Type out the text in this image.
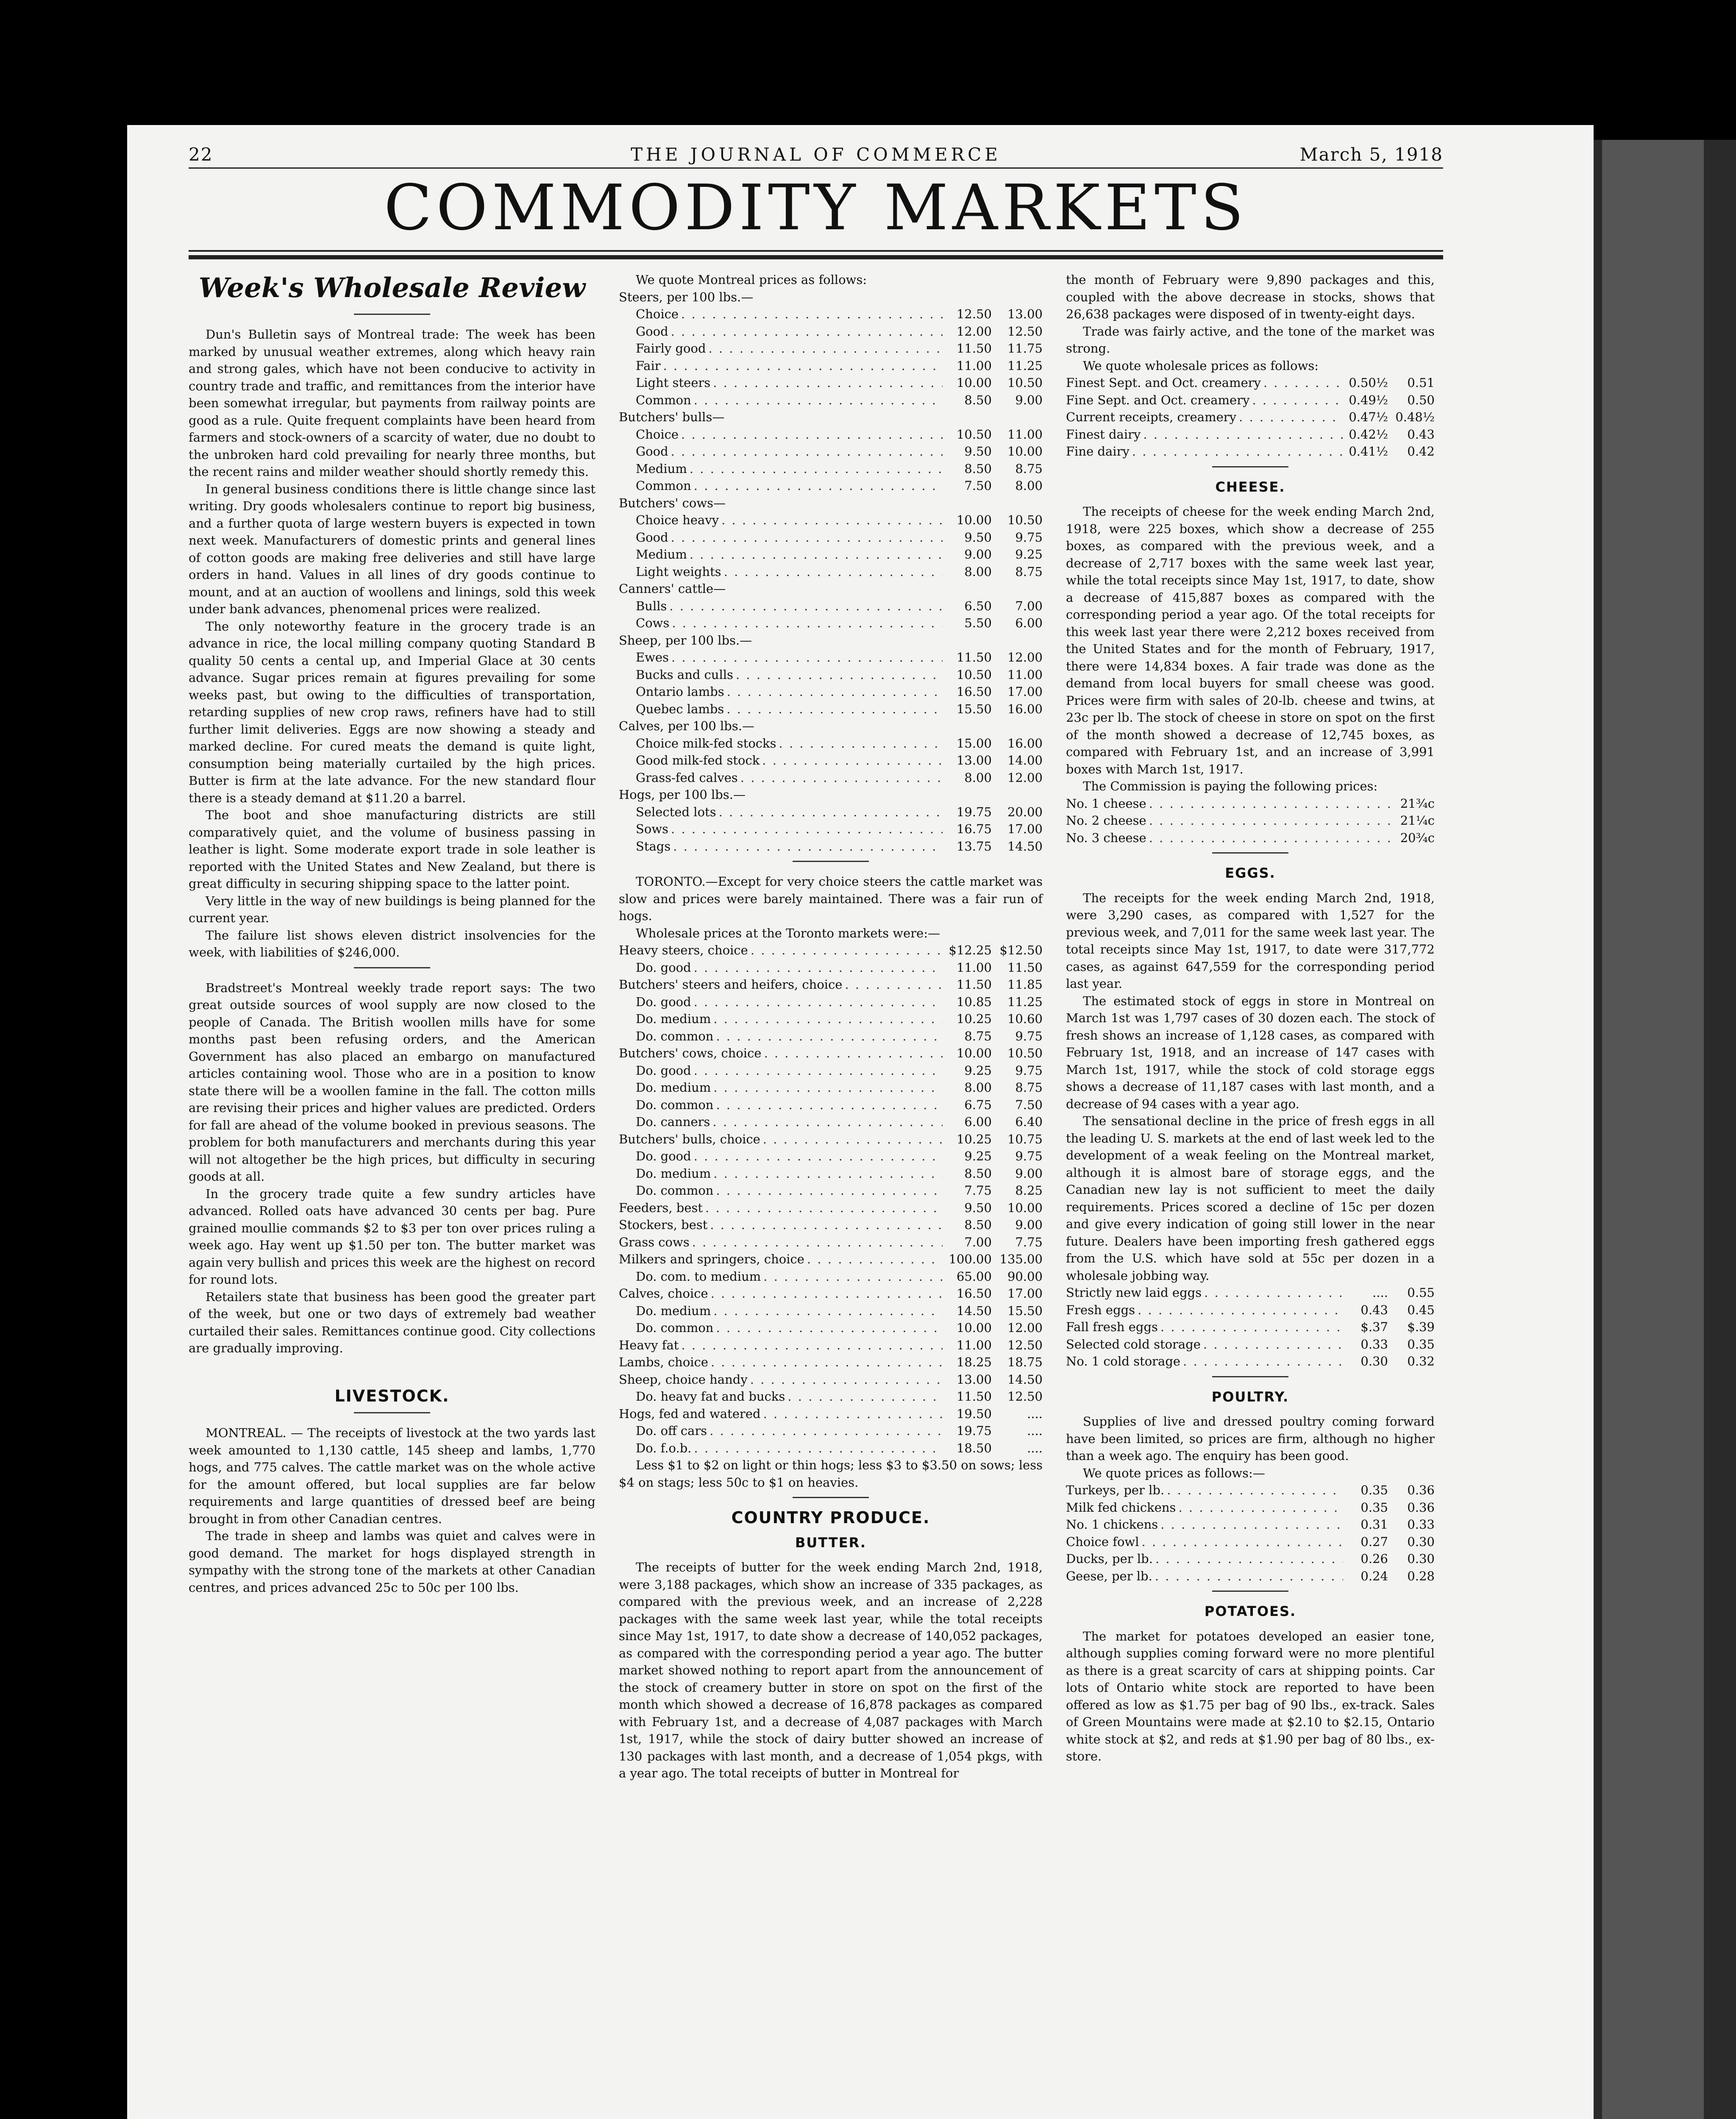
22	THE JOURNAL OF COMMERCE	March 5, 1918
COMMODITY MARKETS
Week's Wholesale Review

Dun's Bulletin says of Montreal trade: The week has been marked by unusual weather extremes, along which heavy rain and strong gales, which have not been conducive to activity in country trade and traffic, and remittances from the interior have been somewhat irregular, but payments from railway points are good as a rule. Quite frequent complaints have been heard from farmers and stock-owners of a scarcity of water, due no doubt to the unbroken hard cold prevailing for nearly three months, but the recent rains and milder weather should shortly remedy this.

In general business conditions there is little change since last writing. Dry goods wholesalers continue to report big business, and a further quota of large western buyers is expected in town next week. Manufacturers of domestic prints and general lines of cotton goods are making free deliveries and still have large orders in hand. Values in all lines of dry goods continue to mount, and at an auction of woollens and linings, sold this week under bank advances, phenomenal prices were realized.

The only noteworthy feature in the grocery trade is an advance in rice, the local milling company quoting Standard B quality 50 cents a cental up, and Imperial Glace at 30 cents advance. Sugar prices remain at figures prevailing for some weeks past, but owing to the difficulties of transportation, retarding supplies of new crop raws, refiners have had to still further limit deliveries. Eggs are now showing a steady and marked decline. For cured meats the demand is quite light, consumption being materially curtailed by the high prices. Butter is firm at the late advance. For the new standard flour there is a steady demand at $11.20 a barrel.

The boot and shoe manufacturing districts are still comparatively quiet, and the volume of business passing in leather is light. Some moderate export trade in sole leather is reported with the United States and New Zealand, but there is great difficulty in securing shipping space to the latter point.

Very little in the way of new buildings is being planned for the current year.

The failure list shows eleven district insolvencies for the week, with liabilities of $246,000.

Bradstreet's Montreal weekly trade report says: The two great outside sources of wool supply are now closed to the people of Canada. The British woollen mills have for some months past been refusing orders, and the American Government has also placed an embargo on manufactured articles containing wool. Those who are in a position to know state there will be a woollen famine in the fall. The cotton mills are revising their prices and higher values are predicted. Orders for fall are ahead of the volume booked in previous seasons. The problem for both manufacturers and merchants during this year will not altogether be the high prices, but difficulty in securing goods at all.

In the grocery trade quite a few sundry articles have advanced. Rolled oats have advanced 30 cents per bag. Pure grained moullie commands $2 to $3 per ton over prices ruling a week ago. Hay went up $1.50 per ton. The butter market was again very bullish and prices this week are the highest on record for round lots.

Retailers state that business has been good the greater part of the week, but one or two days of extremely bad weather curtailed their sales. Remittances continue good. City collections are gradually improving.

LIVESTOCK.

MONTREAL. — The receipts of livestock at the two yards last week amounted to 1,130 cattle, 145 sheep and lambs, 1,770 hogs, and 775 calves. The cattle market was on the whole active for the amount offered, but local supplies are far below requirements and large quantities of dressed beef are being brought in from other Canadian centres.

The trade in sheep and lambs was quiet and calves were in good demand. The market for hogs displayed strength in sympathy with the strong tone of the markets at other Canadian centres, and prices advanced 25c to 50c per 100 lbs.

We quote Montreal prices as follows:

Steers, per 100 lbs.—
Choice . . .	12.50	13.00
Good . . .	12.00	12.50
Fairly good . . .	11.50	11.75
Fair . . .	11.00	11.25
Light steers . . .	10.00	10.50
Common . . .	8.50	9.00
Butchers' bulls—
Choice . . .	10.50	11.00
Good . . .	9.50	10.00
Medium . . .	8.50	8.75
Common . . .	7.50	8.00
Butchers' cows—
Choice heavy . . .	10.00	10.50
Good . . .	9.50	9.75
Medium . . .	9.00	9.25
Light weights . . .	8.00	8.75
Canners' cattle—
Bulls . . .	6.50	7.00
Cows . . .	5.50	6.00
Sheep, per 100 lbs.—
Ewes . . .	11.50	12.00
Bucks and culls . . .	10.50	11.00
Ontario lambs . . .	16.50	17.00
Quebec lambs . . .	15.50	16.00
Calves, per 100 lbs.—
Choice milk-fed stocks . . .	15.00	16.00
Good milk-fed stock . . .	13.00	14.00
Grass-fed calves . . .	8.00	12.00
Hogs, per 100 lbs.—
Selected lots . . .	19.75	20.00
Sows . . .	16.75	17.00
Stags . . .	13.75	14.50

TORONTO.—Except for very choice steers the cattle market was slow and prices were barely maintained. There was a fair run of hogs.

Wholesale prices at the Toronto markets were:—

Heavy steers, choice . . .	$12.25 $12.50
Do. good . . .	11.00	11.50
Butchers' steers and heifers, choice . . .	11.50	11.85
Do. good . . .	10.85	11.25
Do. medium . . .	10.25	10.60
Do. common . . .	8.75	9.75
Butchers' cows, choice . . .	10.00	10.50
Do. good . . .	9.25	9.75
Do. medium . . .	8.00	8.75
Do. common . . .	6.75	7.50
Do. canners . . .	6.00	6.40
Butchers' bulls, choice . . .	10.25	10.75
Do. good . . .	9.25	9.75
Do. medium . . .	8.50	9.00
Do. common . . .	7.75	8.25
Feeders, best . . .	9.50	10.00
Stockers, best . . .	8.50	9.00
Grass cows . . .	7.00	7.75
Milkers and springers, choice . . .	100.00 135.00
Do. com. to medium . . .	65.00	90.00
Calves, choice . . .	16.50	17.00
Do. medium . . .	14.50	15.50
Do. common . . .	10.00	12.00
Heavy fat . . .	11.00	12.50
Lambs, choice . . .	18.25	18.75
Sheep, choice handy . . .	13.00	14.50
Do. heavy fat and bucks . . .	11.50	12.50
Hogs, fed and watered . . .	19.50	....
Do. off cars . . .	19.75	....
Do. f.o.b. . . .	18.50	....

Less $1 to $2 on light or thin hogs; less $3 to $3.50 on sows; less $4 on stags; less 50c to $1 on heavies.

COUNTRY PRODUCE.
BUTTER.

The receipts of butter for the week ending March 2nd, 1918, were 3,188 packages, which show an increase of 335 packages, as compared with the previous week, and an increase of 2,228 packages with the same week last year, while the total receipts since May 1st, 1917, to date show a decrease of 140,052 packages, as compared with the corresponding period a year ago. The butter market showed nothing to report apart from the announcement of the stock of creamery butter in store on spot on the first of the month which showed a decrease of 16,878 packages as compared with February 1st, and a decrease of 4,087 packages with March 1st, 1917, while the stock of dairy butter showed an increase of 130 packages with last month, and a decrease of 1,054 pkgs, with a year ago. The total receipts of butter in Montreal for

the month of February were 9,890 packages and this, coupled with the above decrease in stocks, shows that 26,638 packages were disposed of in twenty-eight days.

Trade was fairly active, and the tone of the market was strong.

We quote wholesale prices as follows:

Finest Sept. and Oct. creamery . . .	0.50½	0.51
Fine Sept. and Oct. creamery . . .	0.49½	0.50
Current receipts, creamery . . .	0.47½ 0.48½
Finest dairy . . .	0.42½	0.43
Fine dairy . . .	0.41½	0.42
CHEESE.

The receipts of cheese for the week ending March 2nd, 1918, were 225 boxes, which show a decrease of 255 boxes, as compared with the previous week, and a decrease of 2,717 boxes with the same week last year, while the total receipts since May 1st, 1917, to date, show a decrease of 415,887 boxes as compared with the corresponding period a year ago. Of the total receipts for this week last year there were 2,212 boxes received from the United States and for the month of February, 1917, there were 14,834 boxes. A fair trade was done as the demand from local buyers for small cheese was good. Prices were firm with sales of 20-lb. cheese and twins, at 23c per lb. The stock of cheese in store on spot on the first of the month showed a decrease of 12,745 boxes, as compared with February 1st, and an increase of 3,991 boxes with March 1st, 1917.

The Commission is paying the following prices:

No. 1 cheese . . .	21¾c
No. 2 cheese . . .	21¼c
No. 3 cheese . . .	20¾c
EGGS.

The receipts for the week ending March 2nd, 1918, were 3,290 cases, as compared with 1,527 for the previous week, and 7,011 for the same week last year. The total receipts since May 1st, 1917, to date were 317,772 cases, as against 647,559 for the corresponding period last year.

The estimated stock of eggs in store in Montreal on March 1st was 1,797 cases of 30 dozen each. The stock of fresh shows an increase of 1,128 cases, as compared with February 1st, 1918, and an increase of 147 cases with March 1st, 1917, while the stock of cold storage eggs shows a decrease of 11,187 cases with last month, and a decrease of 94 cases with a year ago.

The sensational decline in the price of fresh eggs in all the leading U. S. markets at the end of last week led to the development of a weak feeling on the Montreal market, although it is almost bare of storage eggs, and the Canadian new lay is not sufficient to meet the daily requirements. Prices scored a decline of 15c per dozen and give every indication of going still lower in the near future. Dealers have been importing fresh gathered eggs from the U.S. which have sold at 55c per dozen in a wholesale jobbing way.

Strictly new laid eggs . . .	....	0.55
Fresh eggs . . .	0.43	0.45
Fall fresh eggs . . .	$.37	$.39
Selected cold storage . . .	0.33	0.35
No. 1 cold storage . . .	0.30	0.32
POULTRY.

Supplies of live and dressed poultry coming forward have been limited, so prices are firm, although no higher than a week ago. The enquiry has been good.

We quote prices as follows:—

Turkeys, per lb. . . .	0.35	0.36
Milk fed chickens . . .	0.35	0.36
No. 1 chickens . . .	0.31	0.33
Choice fowl . . .	0.27	0.30
Ducks, per lb. . . .	0.26	0.30
Geese, per lb. . . .	0.24	0.28
POTATOES.

The market for potatoes developed an easier tone, although supplies coming forward were no more plentiful as there is a great scarcity of cars at shipping points. Car lots of Ontario white stock are reported to have been offered as low as $1.75 per bag of 90 lbs., ex-track. Sales of Green Mountains were made at $2.10 to $2.15, Ontario white stock at $2, and reds at $1.90 per bag of 80 lbs., ex-store.
